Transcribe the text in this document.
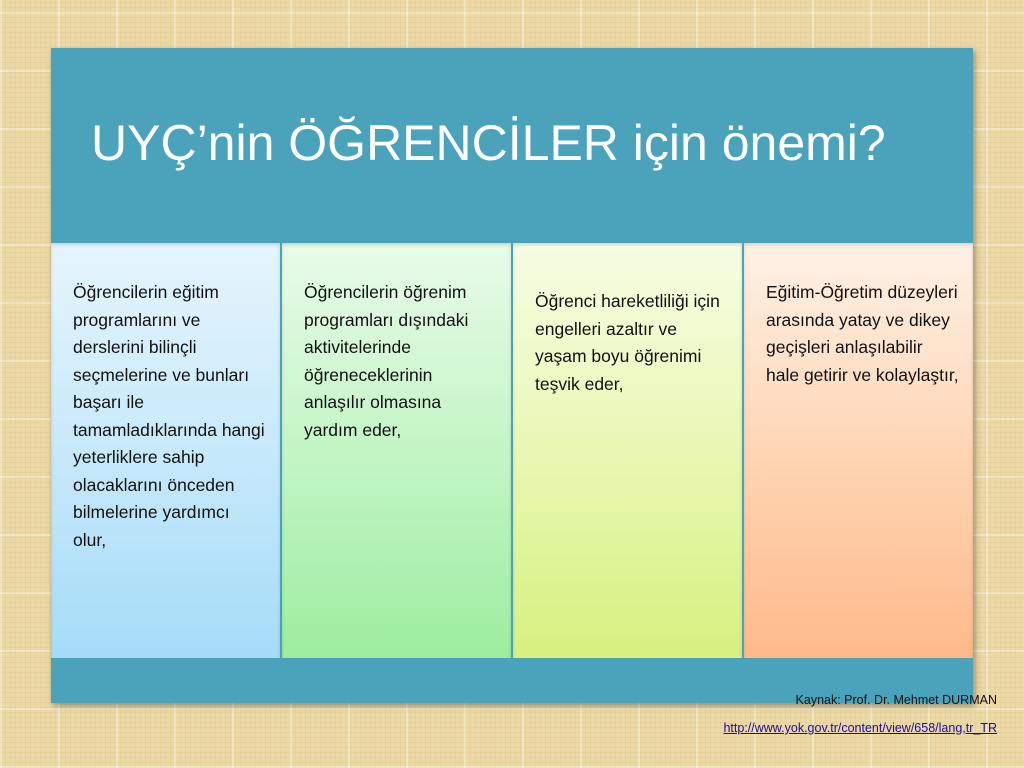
UYÇ’nin ÖĞRENCİLER için önemi?

Öğrencilerin eğitim programlarını ve derslerini bilinçli seçmelerine ve bunları başarı ile tamamladıklarında hangi yeterliklere sahip olacaklarını önceden bilmelerine yardımcı olur,

Öğrencilerin öğrenim programları dışındaki aktivitelerinde öğreneceklerinin anlaşılır olmasına yardım eder,

Öğrenci hareketliliği için engelleri azaltır ve yaşam boyu öğrenimi teşvik eder,

Eğitim-Öğretim düzeyleri arasında yatay ve dikey geçişleri anlaşılabilir hale getirir ve kolaylaştır,

Kaynak: Prof. Dr. Mehmet DURMAN

http://www.yok.gov.tr/content/view/658/lang,tr_TR
